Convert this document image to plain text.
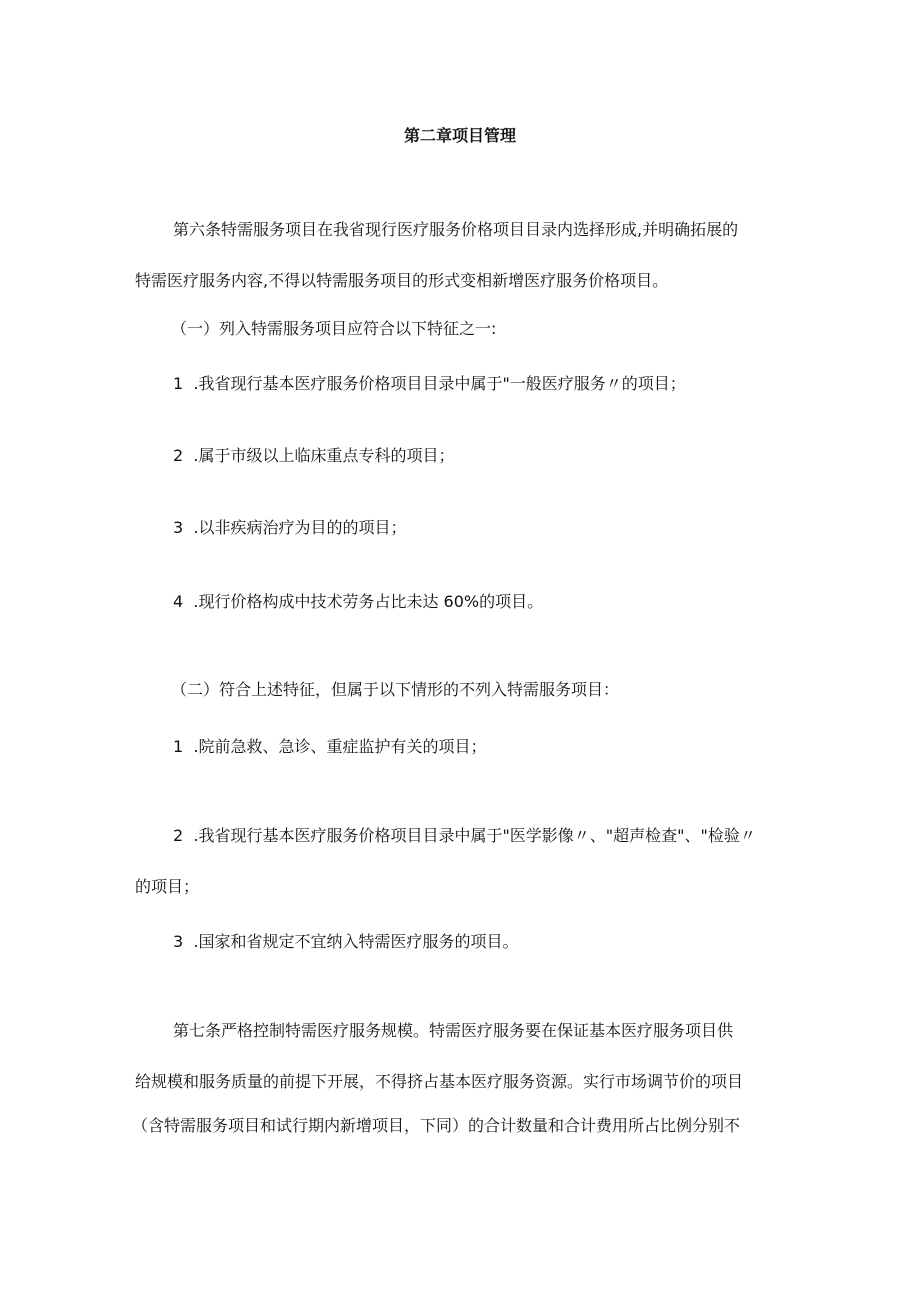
第二章项目管理
第六条特需服务项目在我省现行医疗服务价格项目目录内选择形成,并明确拓展的
特需医疗服务内容,不得以特需服务项目的形式变相新增医疗服务价格项目。
（一）列入特需服务项目应符合以下特征之一:
1  .我省现行基本医疗服务价格项目目录中属于"一般医疗服务〃的项目；
2  .属于市级以上临床重点专科的项目；
3  .以非疾病治疗为目的的项目；
4  .现行价格构成中技术劳务占比未达 60%的项目。
（二）符合上述特征，但属于以下情形的不列入特需服务项目：
1  .院前急救、急诊、重症监护有关的项目；
2  .我省现行基本医疗服务价格项目目录中属于"医学影像〃、"超声检查"、"检验〃
的项目；
3  .国家和省规定不宜纳入特需医疗服务的项目。
第七条严格控制特需医疗服务规模。特需医疗服务要在保证基本医疗服务项目供
给规模和服务质量的前提下开展，不得挤占基本医疗服务资源。实行市场调节价的项目
（含特需服务项目和试行期内新增项目，下同）的合计数量和合计费用所占比例分别不
